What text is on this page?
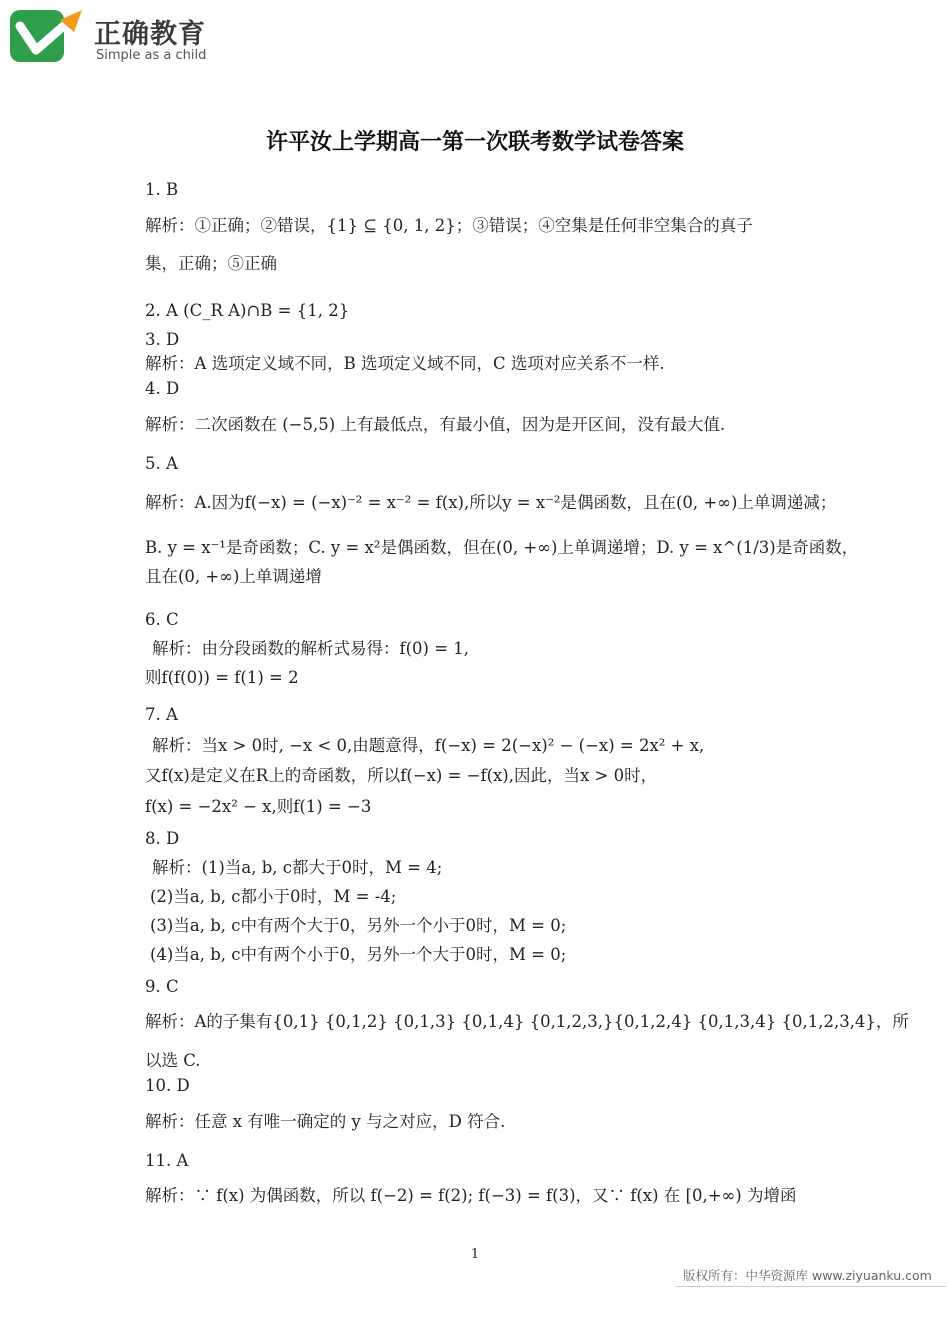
正确教育
Simple as a child
许平汝上学期高一第一次联考数学试卷答案
1. B
解析：①正确；②错误，{1} ⊆ {0, 1, 2}；③错误；④空集是任何非空集合的真子
集，正确；⑤正确
2. A (C_R A)∩B = {1, 2}
3. D
解析：A 选项定义域不同，B 选项定义域不同，C 选项对应关系不一样.
4. D
解析：二次函数在 (−5,5) 上有最低点，有最小值，因为是开区间，没有最大值.
5. A
解析：A.因为f(−x) = (−x)⁻² = x⁻² = f(x),所以y = x⁻²是偶函数，且在(0, +∞)上单调递减；
B. y = x⁻¹是奇函数；C. y = x²是偶函数，但在(0, +∞)上单调递增；D. y = x^(1/3)是奇函数，
且在(0, +∞)上单调递增
6. C
解析：由分段函数的解析式易得：f(0) = 1,
则f(f(0)) = f(1) = 2
7. A
解析：当x > 0时, −x < 0,由题意得，f(−x) = 2(−x)² − (−x) = 2x² + x,
又f(x)是定义在R上的奇函数，所以f(−x) = −f(x),因此，当x > 0时，
f(x) = −2x² − x,则f(1) = −3
8. D
解析：(1)当a, b, c都大于0时，M = 4;
(2)当a, b, c都小于0时，M = -4;
(3)当a, b, c中有两个大于0，另外一个小于0时，M = 0;
(4)当a, b, c中有两个小于0，另外一个大于0时，M = 0;
9. C
解析：A的子集有{0,1} {0,1,2} {0,1,3} {0,1,4} {0,1,2,3,}{0,1,2,4} {0,1,3,4} {0,1,2,3,4}，所
以选 C.
10. D
解析：任意 x 有唯一确定的 y 与之对应，D 符合.
11. A
解析：∵ f(x) 为偶函数，所以 f(−2) = f(2); f(−3) = f(3)，又∵ f(x) 在 [0,+∞) 为增函
1
版权所有：中华资源库 www.ziyuanku.com
